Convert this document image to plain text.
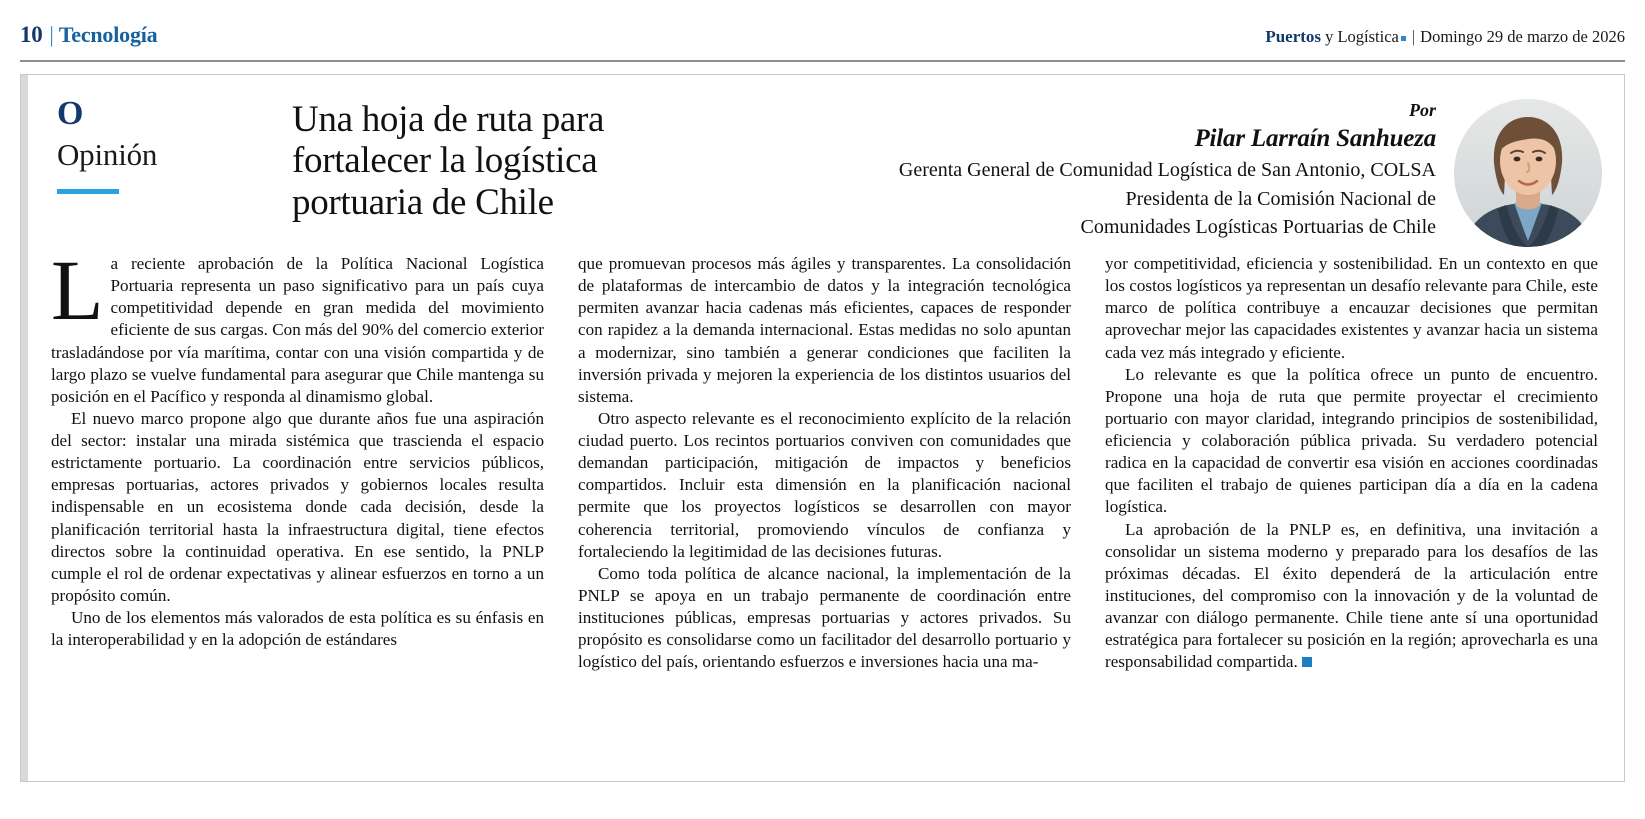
10 | Tecnología	Puertos y Logística | Domingo 29 de marzo de 2026
O
Opinión
Una hoja de ruta para fortalecer la logística portuaria de Chile
Por
Pilar Larraín Sanhueza
Gerenta General de Comunidad Logística de San Antonio, COLSA
Presidenta de la Comisión Nacional de
Comunidades Logísticas Portuarias de Chile

La reciente aprobación de la Política Nacional Logística Portuaria representa un paso significativo para un país cuya competitividad depende en gran medida del movimiento eficiente de sus cargas. Con más del 90% del comercio exterior trasladándose por vía marítima, contar con una visión compartida y de largo plazo se vuelve fundamental para asegurar que Chile mantenga su posición en el Pacífico y responda al dinamismo global.

El nuevo marco propone algo que durante años fue una aspiración del sector: instalar una mirada sistémica que trascienda el espacio estrictamente portuario. La coordinación entre servicios públicos, empresas portuarias, actores privados y gobiernos locales resulta indispensable en un ecosistema donde cada decisión, desde la planificación territorial hasta la infraestructura digital, tiene efectos directos sobre la continuidad operativa. En ese sentido, la PNLP cumple el rol de ordenar expectativas y alinear esfuerzos en torno a un propósito común.

Uno de los elementos más valorados de esta política es su énfasis en la interoperabilidad y en la adopción de estándares

que promuevan procesos más ágiles y transparentes. La consolidación de plataformas de intercambio de datos y la integración tecnológica permiten avanzar hacia cadenas más eficientes, capaces de responder con rapidez a la demanda internacional. Estas medidas no solo apuntan a modernizar, sino también a generar condiciones que faciliten la inversión privada y mejoren la experiencia de los distintos usuarios del sistema.

Otro aspecto relevante es el reconocimiento explícito de la relación ciudad puerto. Los recintos portuarios conviven con comunidades que demandan participación, mitigación de impactos y beneficios compartidos. Incluir esta dimensión en la planificación nacional permite que los proyectos logísticos se desarrollen con mayor coherencia territorial, promoviendo vínculos de confianza y fortaleciendo la legitimidad de las decisiones futuras.

Como toda política de alcance nacional, la implementación de la PNLP se apoya en un trabajo permanente de coordinación entre instituciones públicas, empresas portuarias y actores privados. Su propósito es consolidarse como un facilitador del desarrollo portuario y logístico del país, orientando esfuerzos e inversiones hacia una ma-

yor competitividad, eficiencia y sostenibilidad. En un contexto en que los costos logísticos ya representan un desafío relevante para Chile, este marco de política contribuye a encauzar decisiones que permitan aprovechar mejor las capacidades existentes y avanzar hacia un sistema cada vez más integrado y eficiente.

Lo relevante es que la política ofrece un punto de encuentro. Propone una hoja de ruta que permite proyectar el crecimiento portuario con mayor claridad, integrando principios de sostenibilidad, eficiencia y colaboración pública privada. Su verdadero potencial radica en la capacidad de convertir esa visión en acciones coordinadas que faciliten el trabajo de quienes participan día a día en la cadena logística.

La aprobación de la PNLP es, en definitiva, una invitación a consolidar un sistema moderno y preparado para los desafíos de las próximas décadas. El éxito dependerá de la articulación entre instituciones, del compromiso con la innovación y de la voluntad de avanzar con diálogo permanente. Chile tiene ante sí una oportunidad estratégica para fortalecer su posición en la región; aprovecharla es una responsabilidad compartida.
